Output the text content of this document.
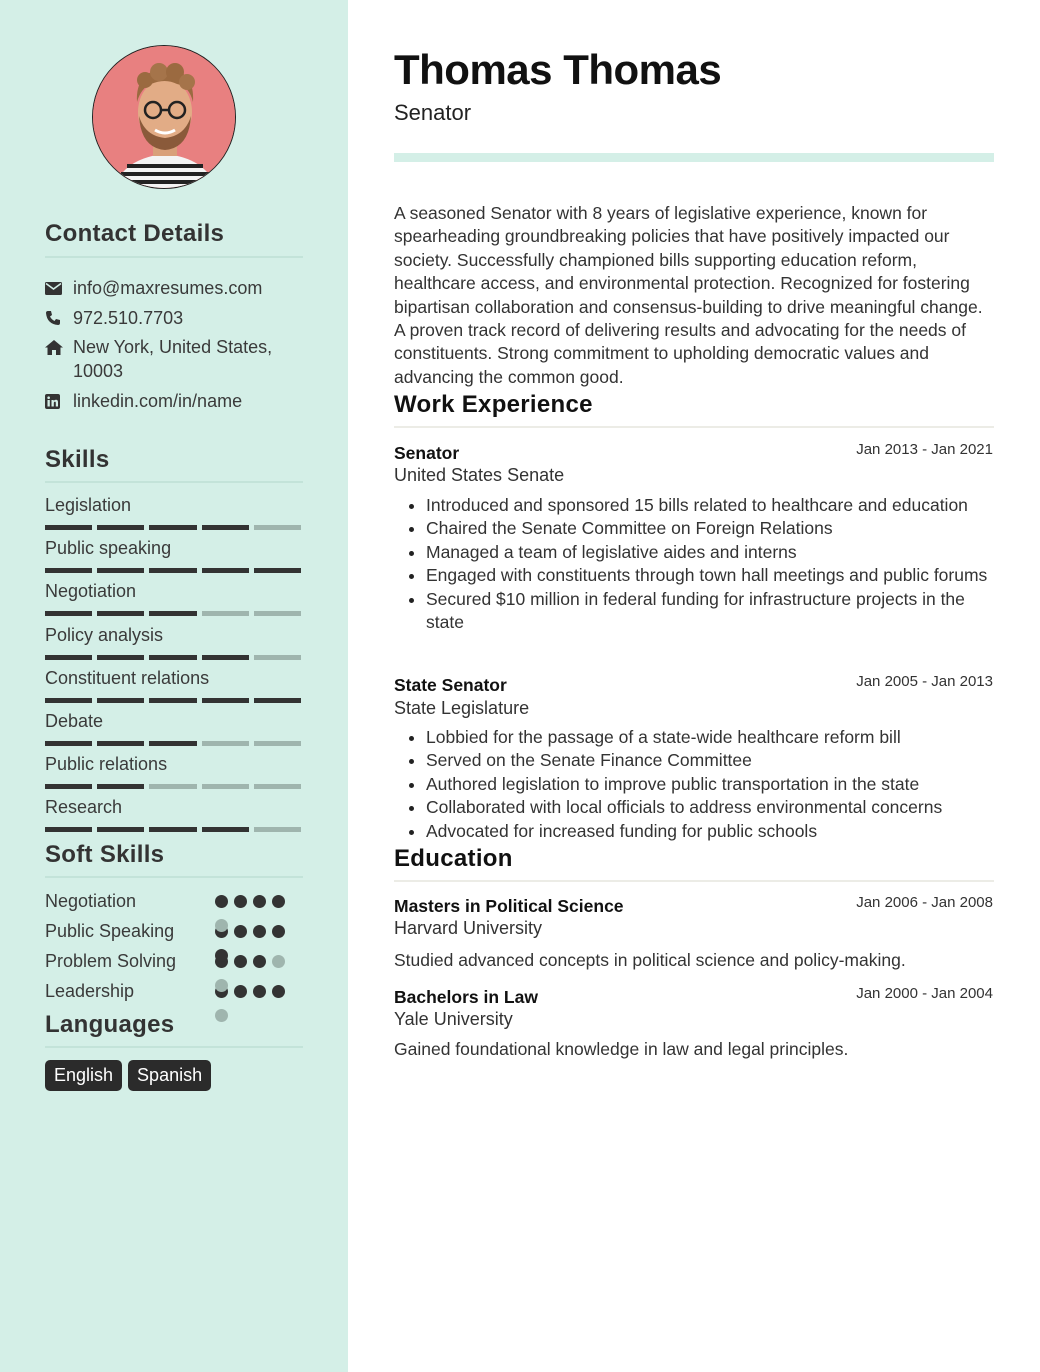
Contact Details
info@maxresumes.com
972.510.7703
New York, United States, 10003
linkedin.com/in/name
Skills
Legislation
Public speaking
Negotiation
Policy analysis
Constituent relations
Debate
Public relations
Research
Soft Skills
Negotiation
Public Speaking
Problem Solving
Leadership
Languages
English	Spanish
Thomas Thomas
Senator

A seasoned Senator with 8 years of legislative experience, known for spearheading groundbreaking policies that have positively impacted our society. Successfully championed bills supporting education reform, healthcare access, and environmental protection. Recognized for fostering bipartisan collaboration and consensus-building to drive meaningful change. A proven track record of delivering results and advocating for the needs of constituents. Strong commitment to upholding democratic values and advancing the common good.

Work Experience
Senator	Jan 2013 - Jan 2021
United States Senate
Introduced and sponsored 15 bills related to healthcare and education
Chaired the Senate Committee on Foreign Relations
Managed a team of legislative aides and interns
Engaged with constituents through town hall meetings and public forums
Secured $10 million in federal funding for infrastructure projects in the state
State Senator	Jan 2005 - Jan 2013
State Legislature
Lobbied for the passage of a state-wide healthcare reform bill
Served on the Senate Finance Committee
Authored legislation to improve public transportation in the state
Collaborated with local officials to address environmental concerns
Advocated for increased funding for public schools
Education
Masters in Political Science	Jan 2006 - Jan 2008
Harvard University
Studied advanced concepts in political science and policy-making.
Bachelors in Law	Jan 2000 - Jan 2004
Yale University
Gained foundational knowledge in law and legal principles.
